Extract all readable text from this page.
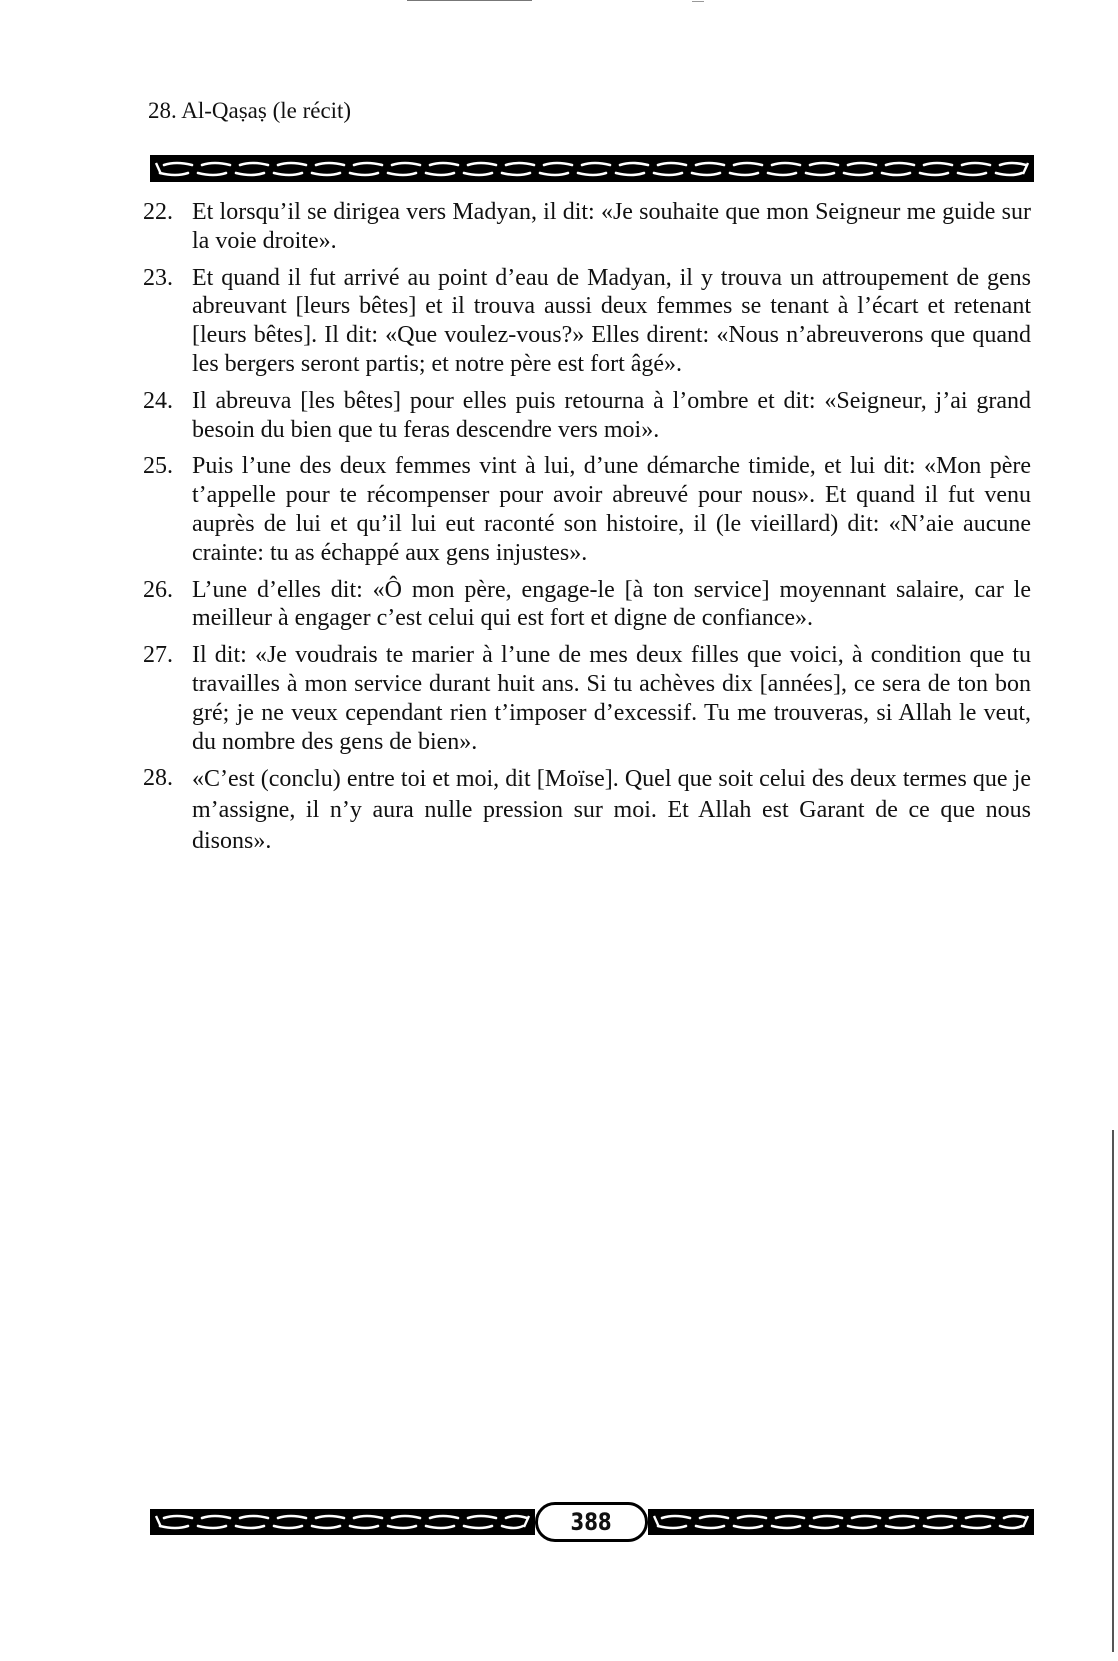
28. Al-Qaṣaṣ (le récit)
22. Et lorsqu’il se dirigea vers Madyan, il dit: «Je souhaite que mon Seigneur me guide sur la voie droite».
23. Et quand il fut arrivé au point d’eau de Madyan, il y trouva un attroupement de gens abreuvant [leurs bêtes] et il trouva aussi deux femmes se tenant à l’écart et retenant [leurs bêtes]. Il dit: «Que voulez-vous?» Elles dirent: «Nous n’abreuverons que quand les bergers seront partis; et notre père est fort âgé».
24. Il abreuva [les bêtes] pour elles puis retourna à l’ombre et dit: «Seigneur, j’ai grand besoin du bien que tu feras descendre vers moi».
25. Puis l’une des deux femmes vint à lui, d’une démarche timide, et lui dit: «Mon père t’appelle pour te récompenser pour avoir abreuvé pour nous». Et quand il fut venu auprès de lui et qu’il lui eut raconté son histoire, il (le vieillard) dit: «N’aie aucune crainte: tu as échappé aux gens injustes».
26. L’une d’elles dit: «Ô mon père, engage-le [à ton service] moyennant salaire, car le meilleur à engager c’est celui qui est fort et digne de confiance».
27. Il dit: «Je voudrais te marier à l’une de mes deux filles que voici, à condition que tu travailles à mon service durant huit ans. Si tu achèves dix [années], ce sera de ton bon gré; je ne veux cependant rien t’imposer d’excessif. Tu me trouveras, si Allah le veut, du nombre des gens de bien».
28. «C’est (conclu) entre toi et moi, dit [Moïse]. Quel que soit celui des deux termes que je m’assigne, il n’y aura nulle pression sur moi. Et Allah est Garant de ce que nous disons».
388
